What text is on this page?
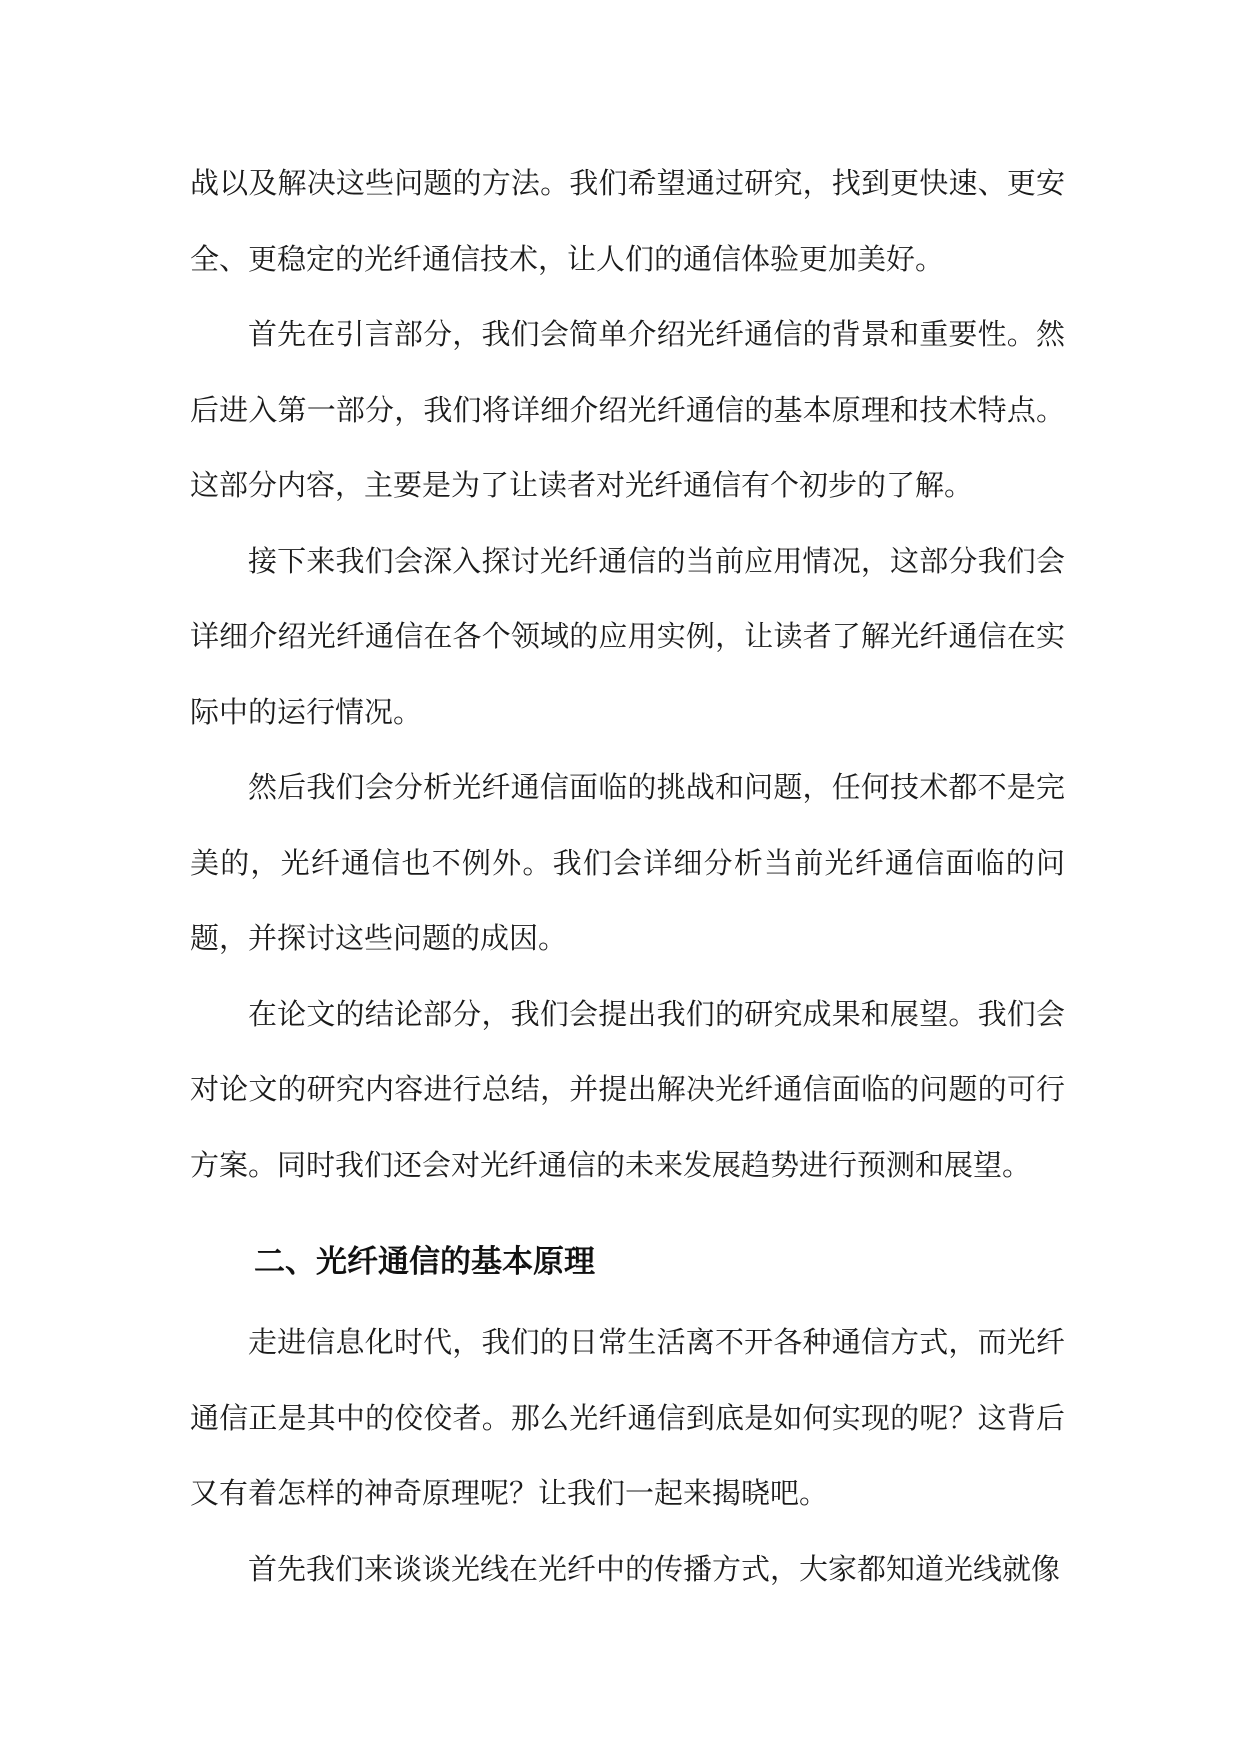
战以及解决这些问题的方法。我们希望通过研究，找到更快速、更安全、更稳定的光纤通信技术，让人们的通信体验更加美好。

首先在引言部分，我们会简单介绍光纤通信的背景和重要性。然后进入第一部分，我们将详细介绍光纤通信的基本原理和技术特点。这部分内容，主要是为了让读者对光纤通信有个初步的了解。

接下来我们会深入探讨光纤通信的当前应用情况，这部分我们会详细介绍光纤通信在各个领域的应用实例，让读者了解光纤通信在实际中的运行情况。

然后我们会分析光纤通信面临的挑战和问题，任何技术都不是完美的，光纤通信也不例外。我们会详细分析当前光纤通信面临的问题，并探讨这些问题的成因。

在论文的结论部分，我们会提出我们的研究成果和展望。我们会对论文的研究内容进行总结，并提出解决光纤通信面临的问题的可行方案。同时我们还会对光纤通信的未来发展趋势进行预测和展望。

二、光纤通信的基本原理

走进信息化时代，我们的日常生活离不开各种通信方式，而光纤通信正是其中的佼佼者。那么光纤通信到底是如何实现的呢？这背后又有着怎样的神奇原理呢？让我们一起来揭晓吧。

首先我们来谈谈光线在光纤中的传播方式，大家都知道光线就像
